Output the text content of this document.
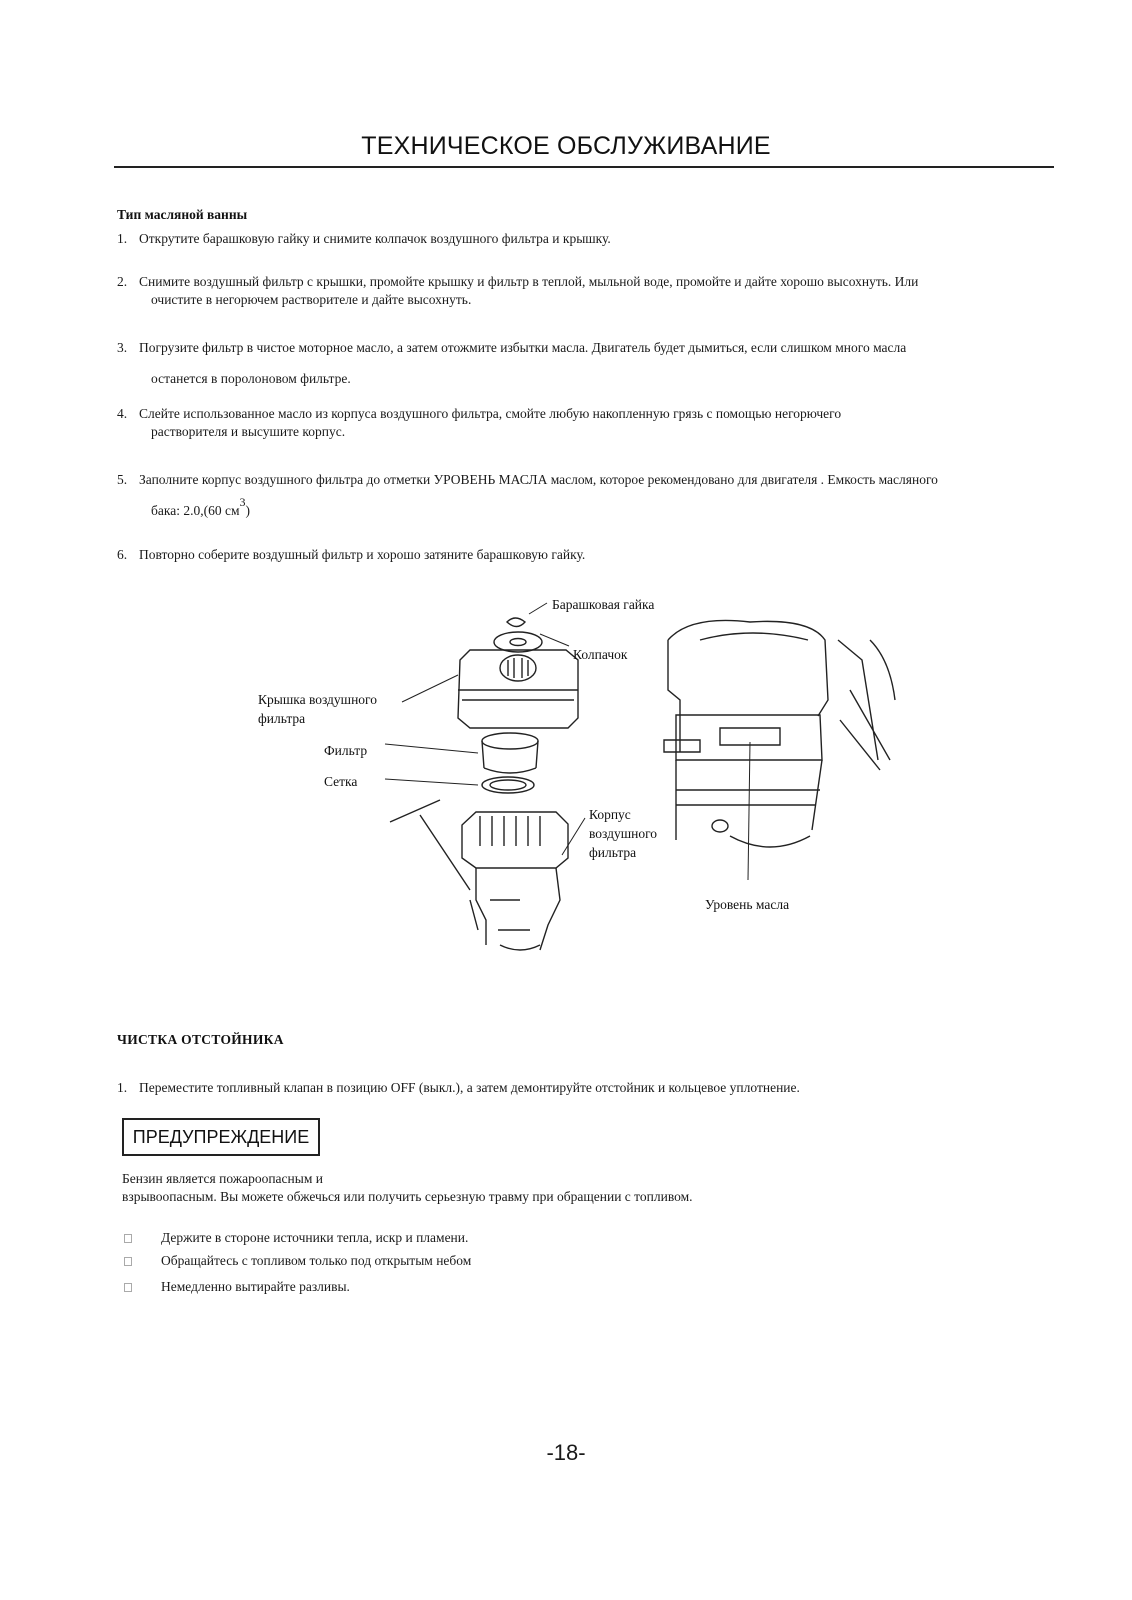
ТЕХНИЧЕСКОЕ ОБСЛУЖИВАНИЕ
Тип масляной ванны
1. Открутите барашковую гайку и снимите колпачок воздушного фильтра и крышку.
2. Снимите воздушный фильтр с крышки, промойте крышку и фильтр в теплой, мыльной воде, промойте и дайте хорошо высохнуть. Или
очистите в негорючем растворителе и дайте высохнуть.
3. Погрузите фильтр в чистое моторное масло, а затем отожмите избытки масла. Двигатель будет дымиться, если слишком много масла
останется в поролоновом фильтре.
4. Слейте использованное масло из корпуса воздушного фильтра, смойте любую накопленную грязь с помощью негорючего
растворителя и высушите корпус.
5. Заполните корпус воздушного фильтра до отметки УРОВЕНЬ МАСЛА маслом, которое рекомендовано для двигателя . Емкость масляного
бака: 2.0,(60 см3)
6. Повторно соберите воздушный фильтр и хорошо затяните барашковую гайку.
Барашковая гайка
Колпачок
Крышка воздушного
фильтра
Фильтр
Сетка
Корпус
воздушного
фильтра
Уровень масла
ЧИСТКА ОТСТОЙНИКА
1. Переместите топливный клапан в позицию OFF (выкл.), а затем демонтируйте отстойник и кольцевое уплотнение.
ПРЕДУПРЕЖДЕНИЕ
Бензин является пожароопасным и
взрывоопасным. Вы можете обжечься или получить серьезную травму при обращении с топливом.
Держите в стороне источники тепла, искр и пламени.
Обращайтесь с топливом только под открытым небом
Немедленно вытирайте разливы.
-18-
